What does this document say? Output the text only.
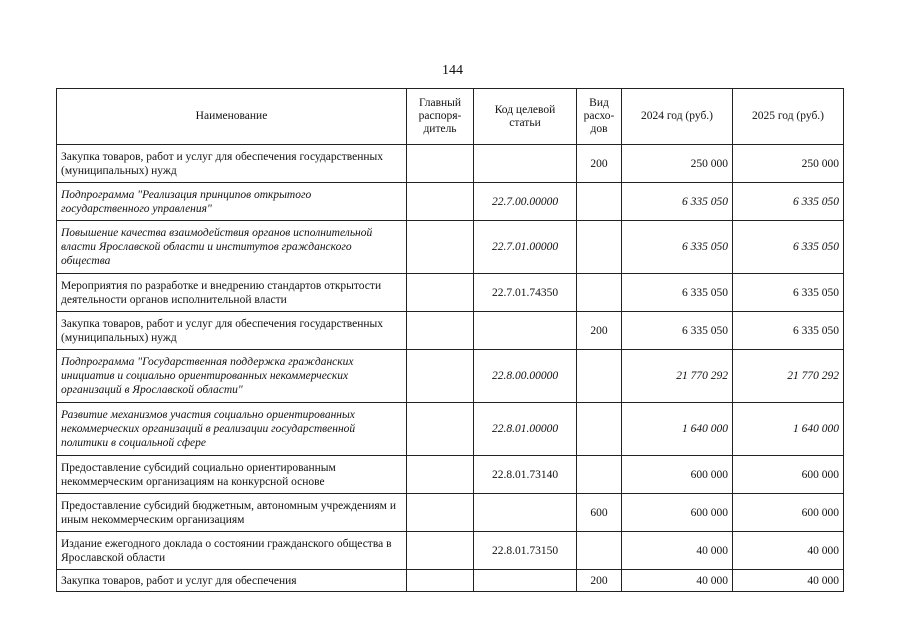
144
Наименование	Главный распоря-дитель	Код целевой статьи	Вид расхо-дов	2024 год (руб.)	2025 год (руб.)
Закупка товаров, работ и услуг для обеспечения государственных (муниципальных) нужд			200	250 000	250 000
Подпрограмма "Реализация принципов открытого государственного управления"		22.7.00.00000		6 335 050	6 335 050
Повышение качества взаимодействия органов исполнительной власти Ярославской области и институтов гражданского общества		22.7.01.00000		6 335 050	6 335 050
Мероприятия по разработке и внедрению стандартов открытости деятельности органов исполнительной власти		22.7.01.74350		6 335 050	6 335 050
Закупка товаров, работ и услуг для обеспечения государственных (муниципальных) нужд			200	6 335 050	6 335 050
Подпрограмма "Государственная поддержка гражданских инициатив и социально ориентированных некоммерческих организаций в Ярославской области"		22.8.00.00000		21 770 292	21 770 292
Развитие механизмов участия социально ориентированных некоммерческих организаций в реализации государственной политики в социальной сфере		22.8.01.00000		1 640 000	1 640 000
Предоставление субсидий социально ориентированным некоммерческим организациям на конкурсной основе		22.8.01.73140		600 000	600 000
Предоставление субсидий бюджетным, автономным учреждениям и иным некоммерческим организациям			600	600 000	600 000
Издание ежегодного доклада о состоянии гражданского общества в Ярославской области		22.8.01.73150		40 000	40 000
Закупка товаров, работ и услуг для обеспечения			200	40 000	40 000
